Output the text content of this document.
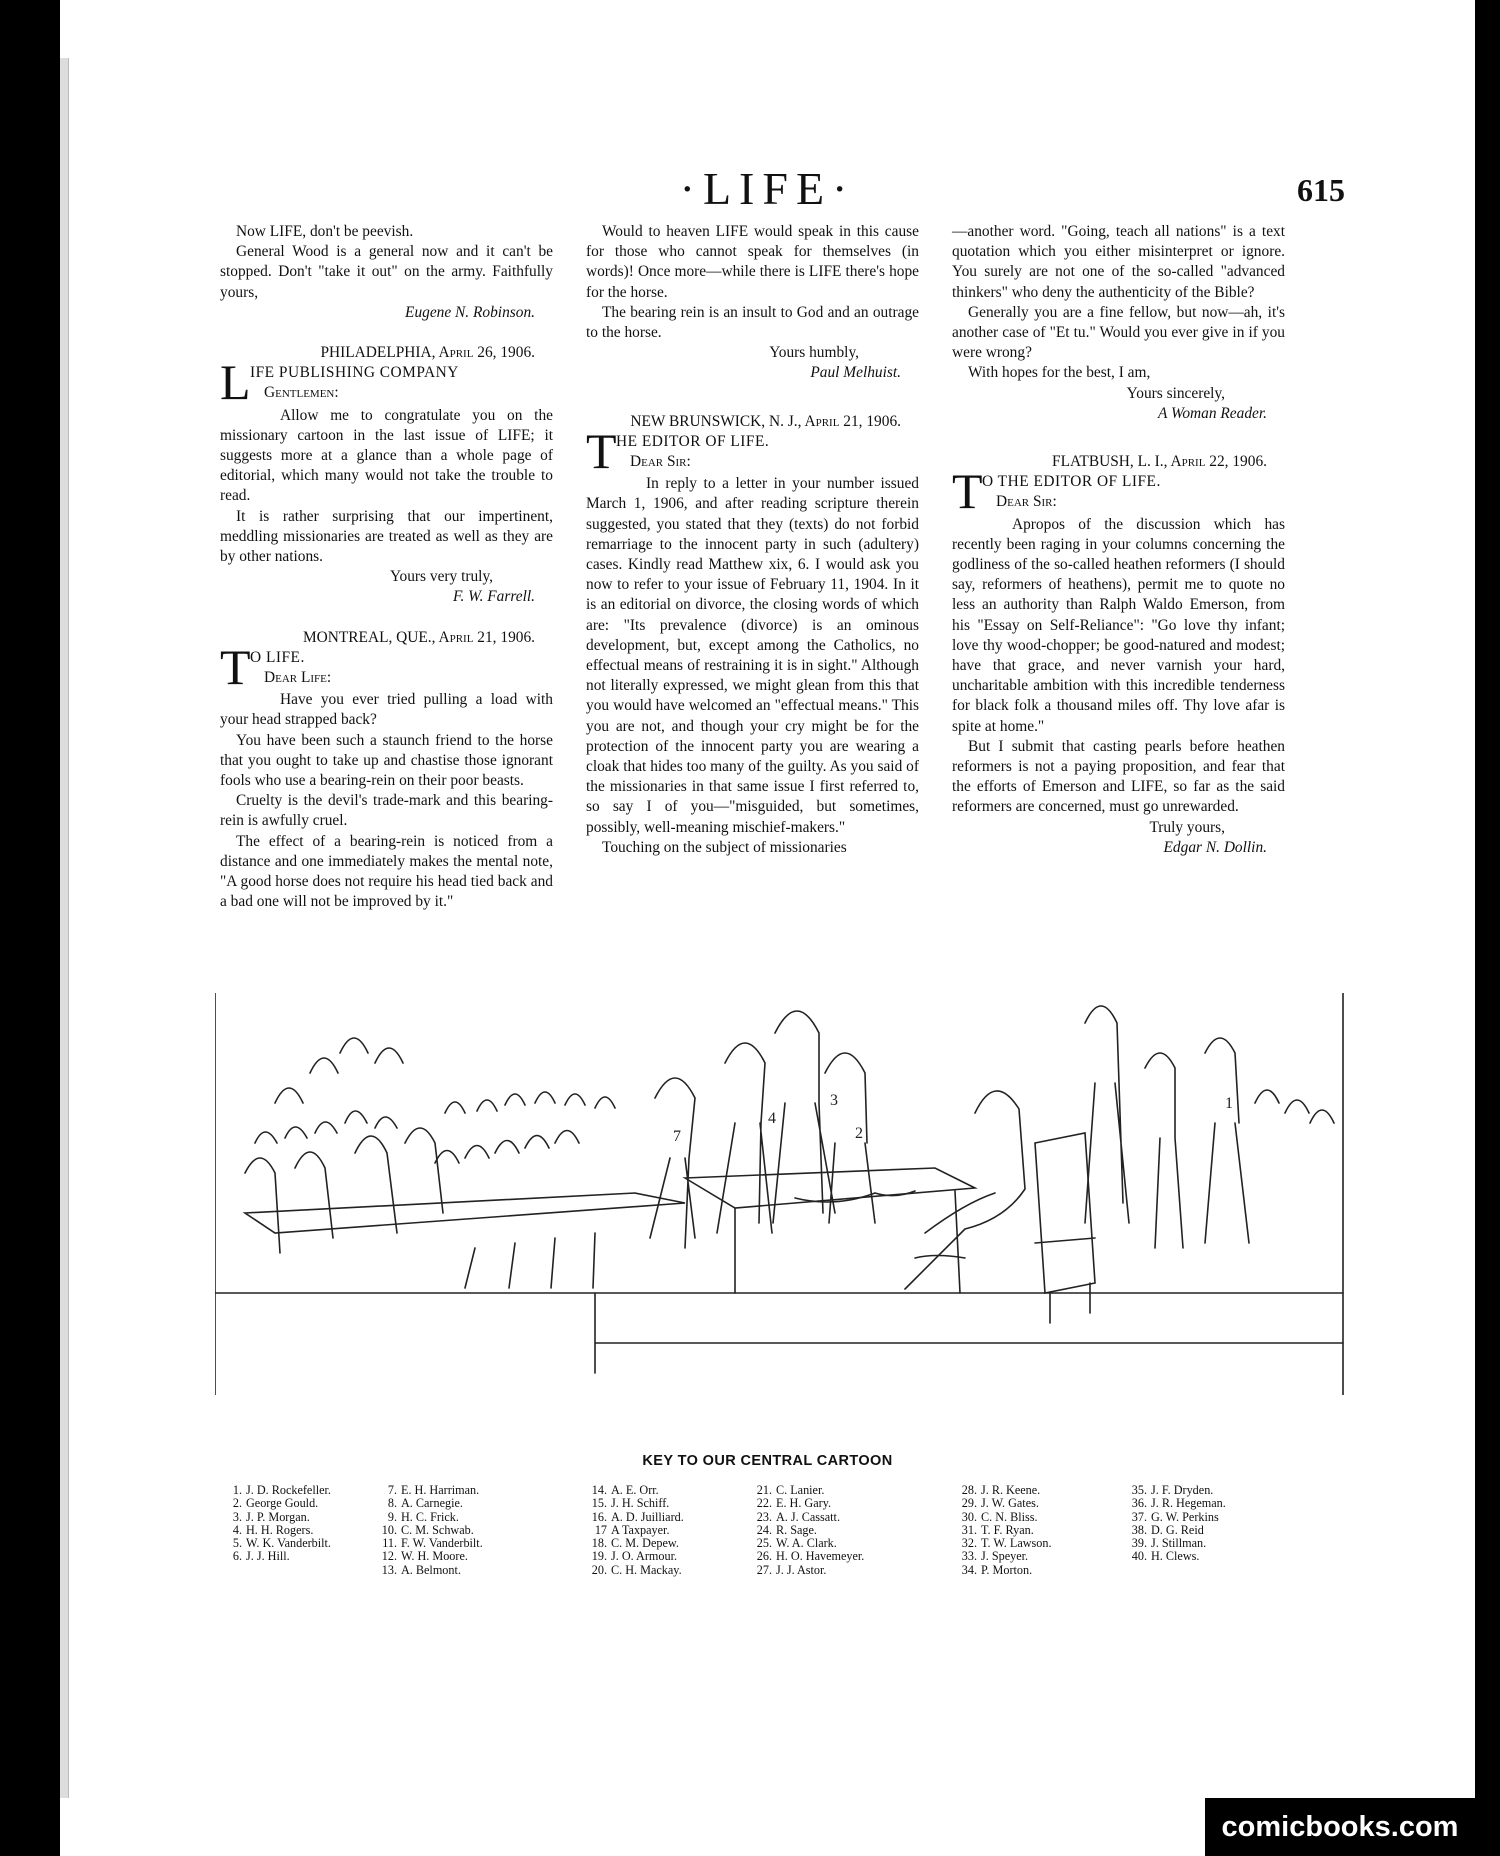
·LIFE·	615

Now LIFE, don't be peevish.

General Wood is a general now and it can't be stopped. Don't "take it out" on the army. Faithfully yours,

Eugene N. Robinson.
PHILADELPHIA, April 26, 1906.
L IFE PUBLISHING COMPANY
Gentlemen:

Allow me to congratulate you on the missionary cartoon in the last issue of LIFE; it suggests more at a glance than a whole page of editorial, which many would not take the trouble to read.

It is rather surprising that our impertinent, meddling missionaries are treated as well as they are by other nations.

Yours very truly,
F. W. Farrell.
MONTREAL, QUE., April 21, 1906.
T O LIFE.
Dear Life:

Have you ever tried pulling a load with your head strapped back?

You have been such a staunch friend to the horse that you ought to take up and chastise those ignorant fools who use a bearing-rein on their poor beasts.

Cruelty is the devil's trade-mark and this bearing-rein is awfully cruel.

The effect of a bearing-rein is noticed from a distance and one immediately makes the mental note, "A good horse does not require his head tied back and a bad one will not be improved by it."

Would to heaven LIFE would speak in this cause for those who cannot speak for themselves (in words)! Once more—while there is LIFE there's hope for the horse.

The bearing rein is an insult to God and an outrage to the horse.

Yours humbly,
Paul Melhuist.
NEW BRUNSWICK, N. J., April 21, 1906.
T HE EDITOR OF LIFE.
Dear Sir:

In reply to a letter in your number issued March 1, 1906, and after reading scripture therein suggested, you stated that they (texts) do not forbid remarriage to the innocent party in such (adultery) cases. Kindly read Matthew xix, 6. I would ask you now to refer to your issue of February 11, 1904. In it is an editorial on divorce, the closing words of which are: "Its prevalence (divorce) is an ominous development, but, except among the Catholics, no effectual means of restraining it is in sight." Although not literally expressed, we might glean from this that you would have welcomed an "effectual means." This you are not, and though your cry might be for the protection of the innocent party you are wearing a cloak that hides too many of the guilty. As you said of the missionaries in that same issue I first referred to, so say I of you—"misguided, but sometimes, possibly, well-meaning mischief-makers."

Touching on the subject of missionaries

—another word. "Going, teach all nations" is a text quotation which you either misinterpret or ignore. You surely are not one of the so-called "advanced thinkers" who deny the authenticity of the Bible?

Generally you are a fine fellow, but now—ah, it's another case of "Et tu." Would you ever give in if you were wrong?

With hopes for the best, I am,

Yours sincerely,
A Woman Reader.
FLATBUSH, L. I., April 22, 1906.
T O THE EDITOR OF LIFE.
Dear Sir:

Apropos of the discussion which has recently been raging in your columns concerning the godliness of the so-called heathen reformers (I should say, reformers of heathens), permit me to quote no less an authority than Ralph Waldo Emerson, from his "Essay on Self-Reliance": "Go love thy infant; love thy wood-chopper; be good-natured and modest; have that grace, and never varnish your hard, uncharitable ambition with this incredible tenderness for black folk a thousand miles off. Thy love afar is spite at home."

But I submit that casting pearls before heathen reformers is not a paying proposition, and fear that the efforts of Emerson and LIFE, so far as the said reformers are concerned, must go unrewarded.

Truly yours,
Edgar N. Dollin.
7
4
3
2
1
KEY TO OUR CENTRAL CARTOON
1. J. D. Rockefeller.
2. George Gould.
3. J. P. Morgan.
4. H. H. Rogers.
5. W. K. Vanderbilt.
6. J. J. Hill.
7. E. H. Harriman.
8. A. Carnegie.
9. H. C. Frick.
10. C. M. Schwab.
11. F. W. Vanderbilt.
12. W. H. Moore.
13. A. Belmont.
14. A. E. Orr.
15. J. H. Schiff.
16. A. D. Juilliard.
17 A Taxpayer.
18. C. M. Depew.
19. J. O. Armour.
20. C. H. Mackay.
21. C. Lanier.
22. E. H. Gary.
23. A. J. Cassatt.
24. R. Sage.
25. W. A. Clark.
26. H. O. Havemeyer.
27. J. J. Astor.
28. J. R. Keene.
29. J. W. Gates.
30. C. N. Bliss.
31. T. F. Ryan.
32. T. W. Lawson.
33. J. Speyer.
34. P. Morton.
35. J. F. Dryden.
36. J. R. Hegeman.
37. G. W. Perkins
38. D. G. Reid
39. J. Stillman.
40. H. Clews.
comicbooks.com
